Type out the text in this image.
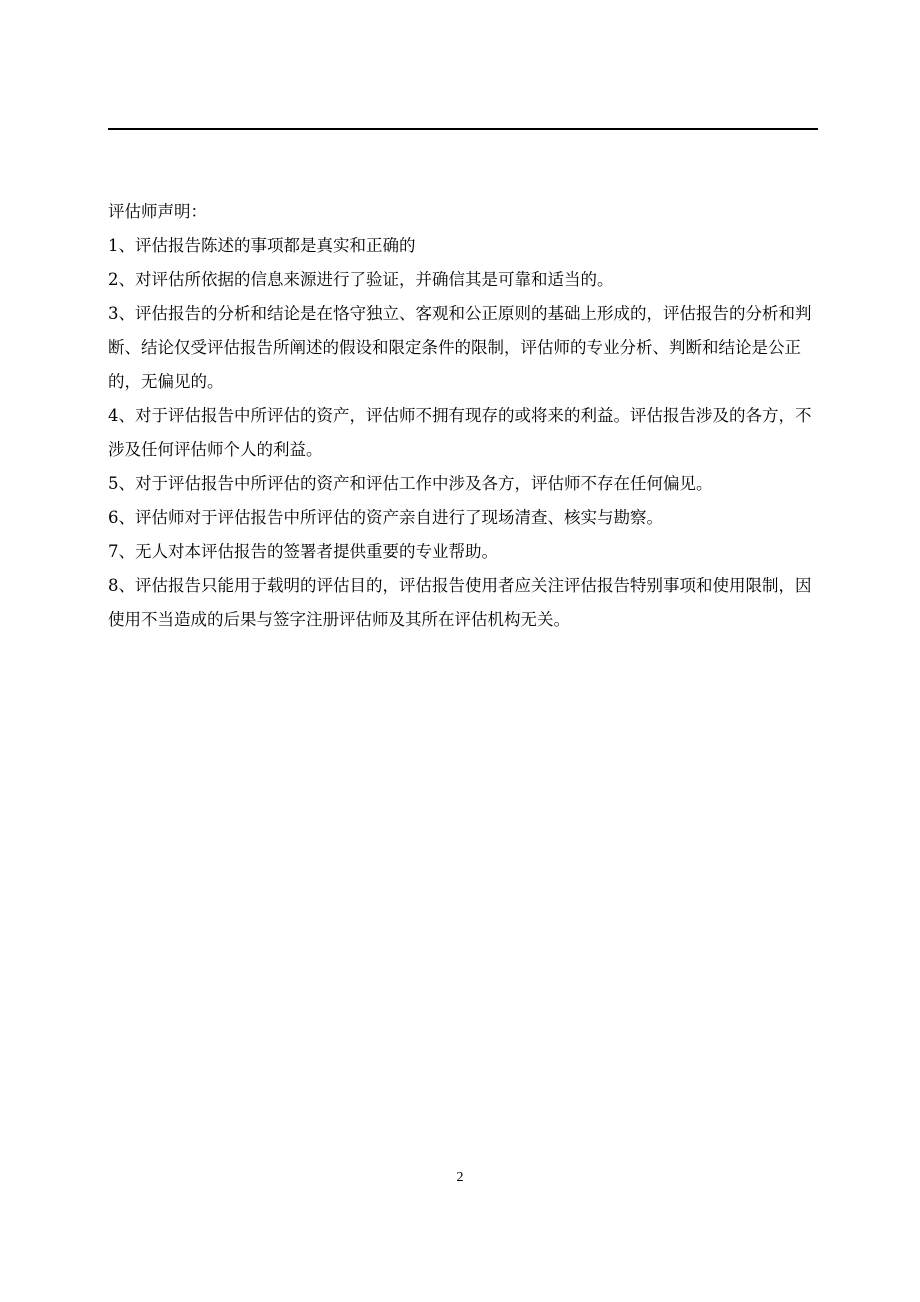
评估师声明：

1、评估报告陈述的事项都是真实和正确的

2、对评估所依据的信息来源进行了验证，并确信其是可靠和适当的。

3、评估报告的分析和结论是在恪守独立、客观和公正原则的基础上形成的，评估报告的分析和判断、结论仅受评估报告所阐述的假设和限定条件的限制，评估师的专业分析、判断和结论是公正的，无偏见的。

4、对于评估报告中所评估的资产，评估师不拥有现存的或将来的利益。评估报告涉及的各方，不涉及任何评估师个人的利益。

5、对于评估报告中所评估的资产和评估工作中涉及各方，评估师不存在任何偏见。

6、评估师对于评估报告中所评估的资产亲自进行了现场清查、核实与勘察。

7、无人对本评估报告的签署者提供重要的专业帮助。

8、评估报告只能用于载明的评估目的，评估报告使用者应关注评估报告特别事项和使用限制，因使用不当造成的后果与签字注册评估师及其所在评估机构无关。

2
